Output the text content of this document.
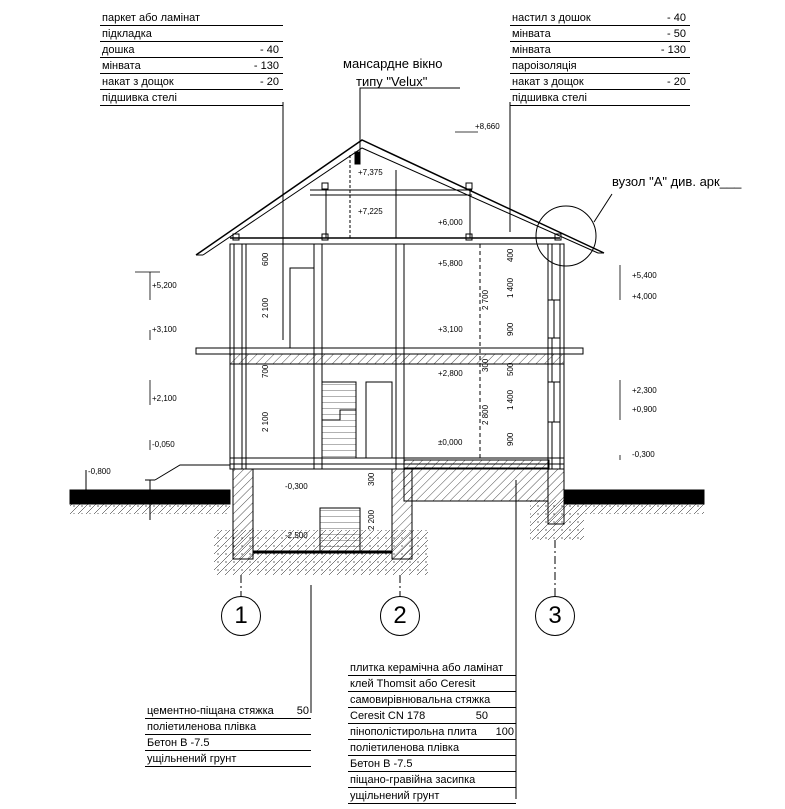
паркет або ламінат
підкладка
дошка	- 40
мінвата	- 130
накат з дощок	- 20
підшивка стелі
настил з дошок	- 40
мінвата	- 50
мінвата	- 130
пароізоляція
накат з дощок	- 20
підшивка стелі
цементно-піщана стяжка 50
поліетиленова плівка
Бетон В -7.5
ущільнений грунт
плитка керамічна або ламінат
клей Thomsit або Ceresit
самовирівнювальна стяжка
Ceresit CN 178	50
пінополістирольна плита 100
поліетиленова плівка
Бетон В -7.5
піщано-гравійна засипка
ущільнений грунт
мансардне вікно
типу "Velux"
вузол "А" див. арк___
+8,660
+7,375
+7,225
+6,000
+5,800
+3,100
+2,800
±0,000
-0,300
-2,500
+5,200
+3,100
+2,100
-0,050
-0,800
+5,400
+4,000
+2,300
+0,900
-0,300
600
2 100
700
2 100
2 700
2 800
400
1 400
900
300 500
1 400
900
300
2 200
1	2	3
